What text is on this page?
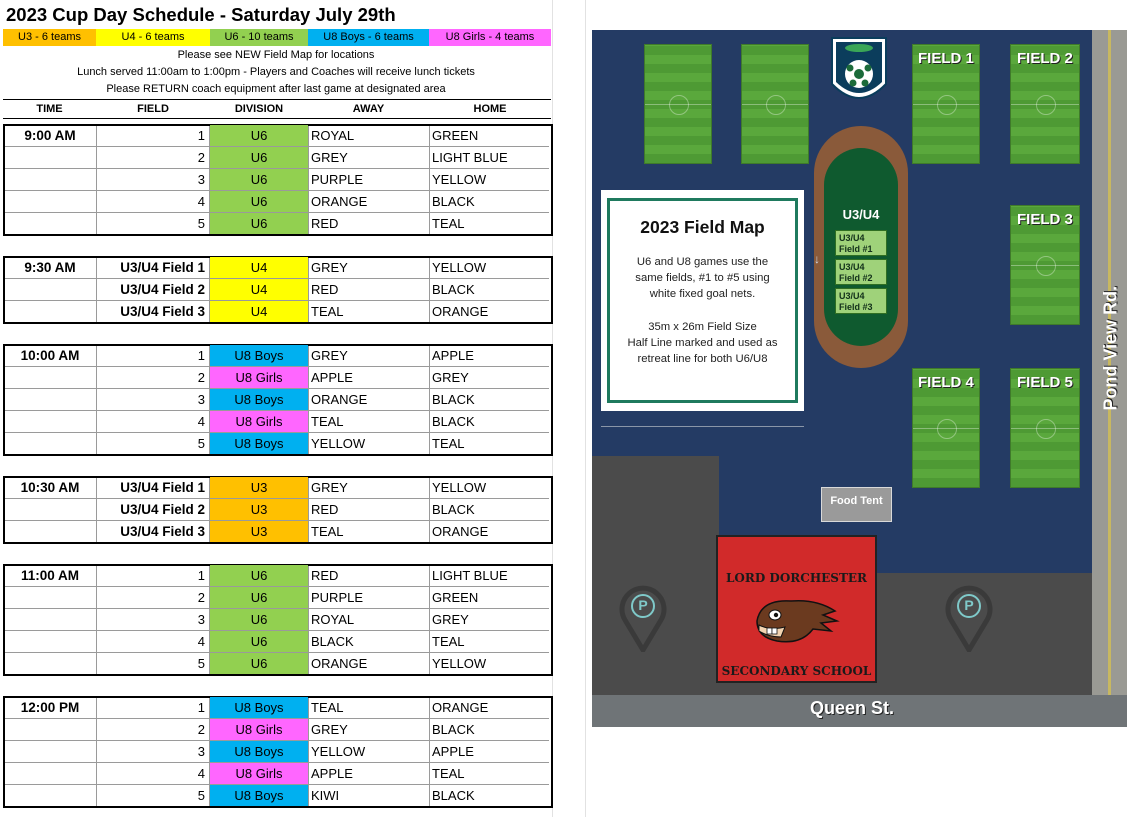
2023 Cup Day Schedule - Saturday July 29th
U3 - 6 teams	U4 - 6 teams	U6 - 10 teams	U8 Boys - 6 teams	U8 Girls - 4 teams
Please see NEW Field Map for locations
Lunch served 11:00am to 1:00pm - Players and Coaches will receive lunch tickets
Please RETURN coach equipment after last game at designated area
TIME	FIELD	DIVISION	AWAY	HOME
9:00 AM	1	U6	ROYAL	GREEN
2	U6	GREY	LIGHT BLUE
3	U6	PURPLE	YELLOW
4	U6	ORANGE	BLACK
5	U6	RED	TEAL
9:30 AM	U3/U4 Field 1	U4	GREY	YELLOW
U3/U4 Field 2	U4	RED	BLACK
U3/U4 Field 3	U4	TEAL	ORANGE
10:00 AM	1	U8 Boys	GREY	APPLE
2	U8 Girls	APPLE	GREY
3	U8 Boys	ORANGE	BLACK
4	U8 Girls	TEAL	BLACK
5	U8 Boys	YELLOW	TEAL
10:30 AM	U3/U4 Field 1	U3	GREY	YELLOW
U3/U4 Field 2	U3	RED	BLACK
U3/U4 Field 3	U3	TEAL	ORANGE
11:00 AM	1	U6	RED	LIGHT BLUE
2	U6	PURPLE	GREEN
3	U6	ROYAL	GREY
4	U6	BLACK	TEAL
5	U6	ORANGE	YELLOW
12:00 PM	1	U8 Boys	TEAL	ORANGE
2	U8 Girls	GREY	BLACK
3	U8 Boys	YELLOW	APPLE
4	U8 Girls	APPLE	TEAL
5	U8 Boys	KIWI	BLACK
FIELD 1	FIELD 2
FIELD 3
FIELD 4	FIELD 5
U3/U4
U3/U4 Field #1
U3/U4 Field #2
U3/U4 Field #3
↓
2023 Field Map
U6 and U8 games use the
same fields, #1 to #5 using
white fixed goal nets.
35m x 26m Field Size
Half Line marked and used as
retreat line for both U6/U8
Food Tent
LORD DORCHESTER
SECONDARY SCHOOL
P	P
Queen St.
Pond View Rd.
